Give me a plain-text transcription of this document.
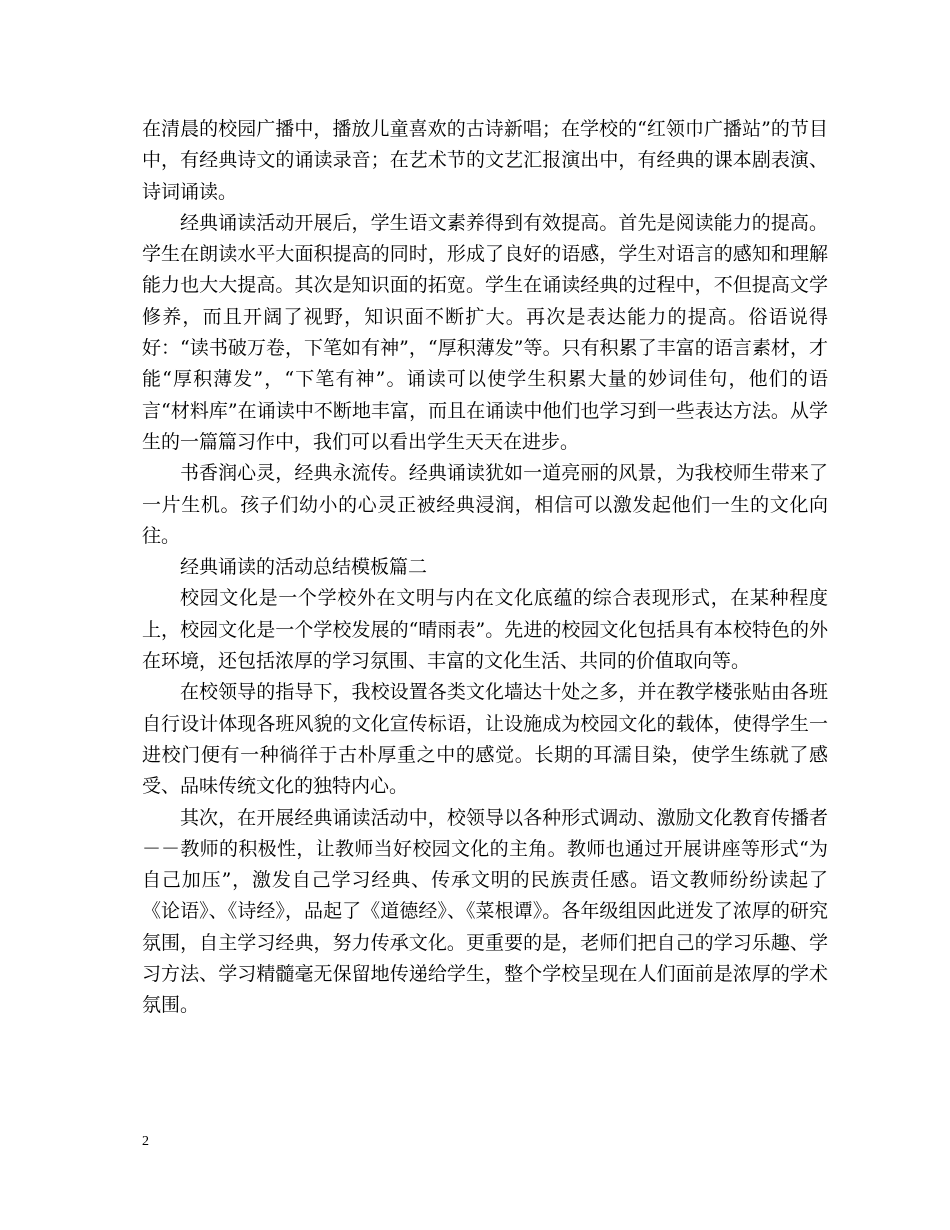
在清晨的校园广播中，播放儿童喜欢的古诗新唱；在学校的“红领巾广播站”的节目中，有经典诗文的诵读录音；在艺术节的文艺汇报演出中，有经典的课本剧表演、诗词诵读。

经典诵读活动开展后，学生语文素养得到有效提高。首先是阅读能力的提高。学生在朗读水平大面积提高的同时，形成了良好的语感，学生对语言的感知和理解能力也大大提高。其次是知识面的拓宽。学生在诵读经典的过程中，不但提高文学修养，而且开阔了视野，知识面不断扩大。再次是表达能力的提高。俗语说得好：“读书破万卷，下笔如有神”，“厚积薄发”等。只有积累了丰富的语言素材，才能“厚积薄发”，“下笔有神”。诵读可以使学生积累大量的妙词佳句，他们的语言“材料库”在诵读中不断地丰富，而且在诵读中他们也学习到一些表达方法。从学生的一篇篇习作中，我们可以看出学生天天在进步。

书香润心灵，经典永流传。经典诵读犹如一道亮丽的风景，为我校师生带来了一片生机。孩子们幼小的心灵正被经典浸润，相信可以激发起他们一生的文化向往。

经典诵读的活动总结模板篇二

校园文化是一个学校外在文明与内在文化底蕴的综合表现形式，在某种程度上，校园文化是一个学校发展的“晴雨表”。先进的校园文化包括具有本校特色的外在环境，还包括浓厚的学习氛围、丰富的文化生活、共同的价值取向等。

在校领导的指导下，我校设置各类文化墙达十处之多，并在教学楼张贴由各班自行设计体现各班风貌的文化宣传标语，让设施成为校园文化的载体，使得学生一进校门便有一种徜徉于古朴厚重之中的感觉。长期的耳濡目染，使学生练就了感受、品味传统文化的独特内心。

其次，在开展经典诵读活动中，校领导以各种形式调动、激励文化教育传播者－－教师的积极性，让教师当好校园文化的主角。教师也通过开展讲座等形式“为自己加压”，激发自己学习经典、传承文明的民族责任感。语文教师纷纷读起了《论语》、《诗经》，品起了《道德经》、《菜根谭》。各年级组因此迸发了浓厚的研究氛围，自主学习经典，努力传承文化。更重要的是，老师们把自己的学习乐趣、学习方法、学习精髓毫无保留地传递给学生，整个学校呈现在人们面前是浓厚的学术氛围。

2
